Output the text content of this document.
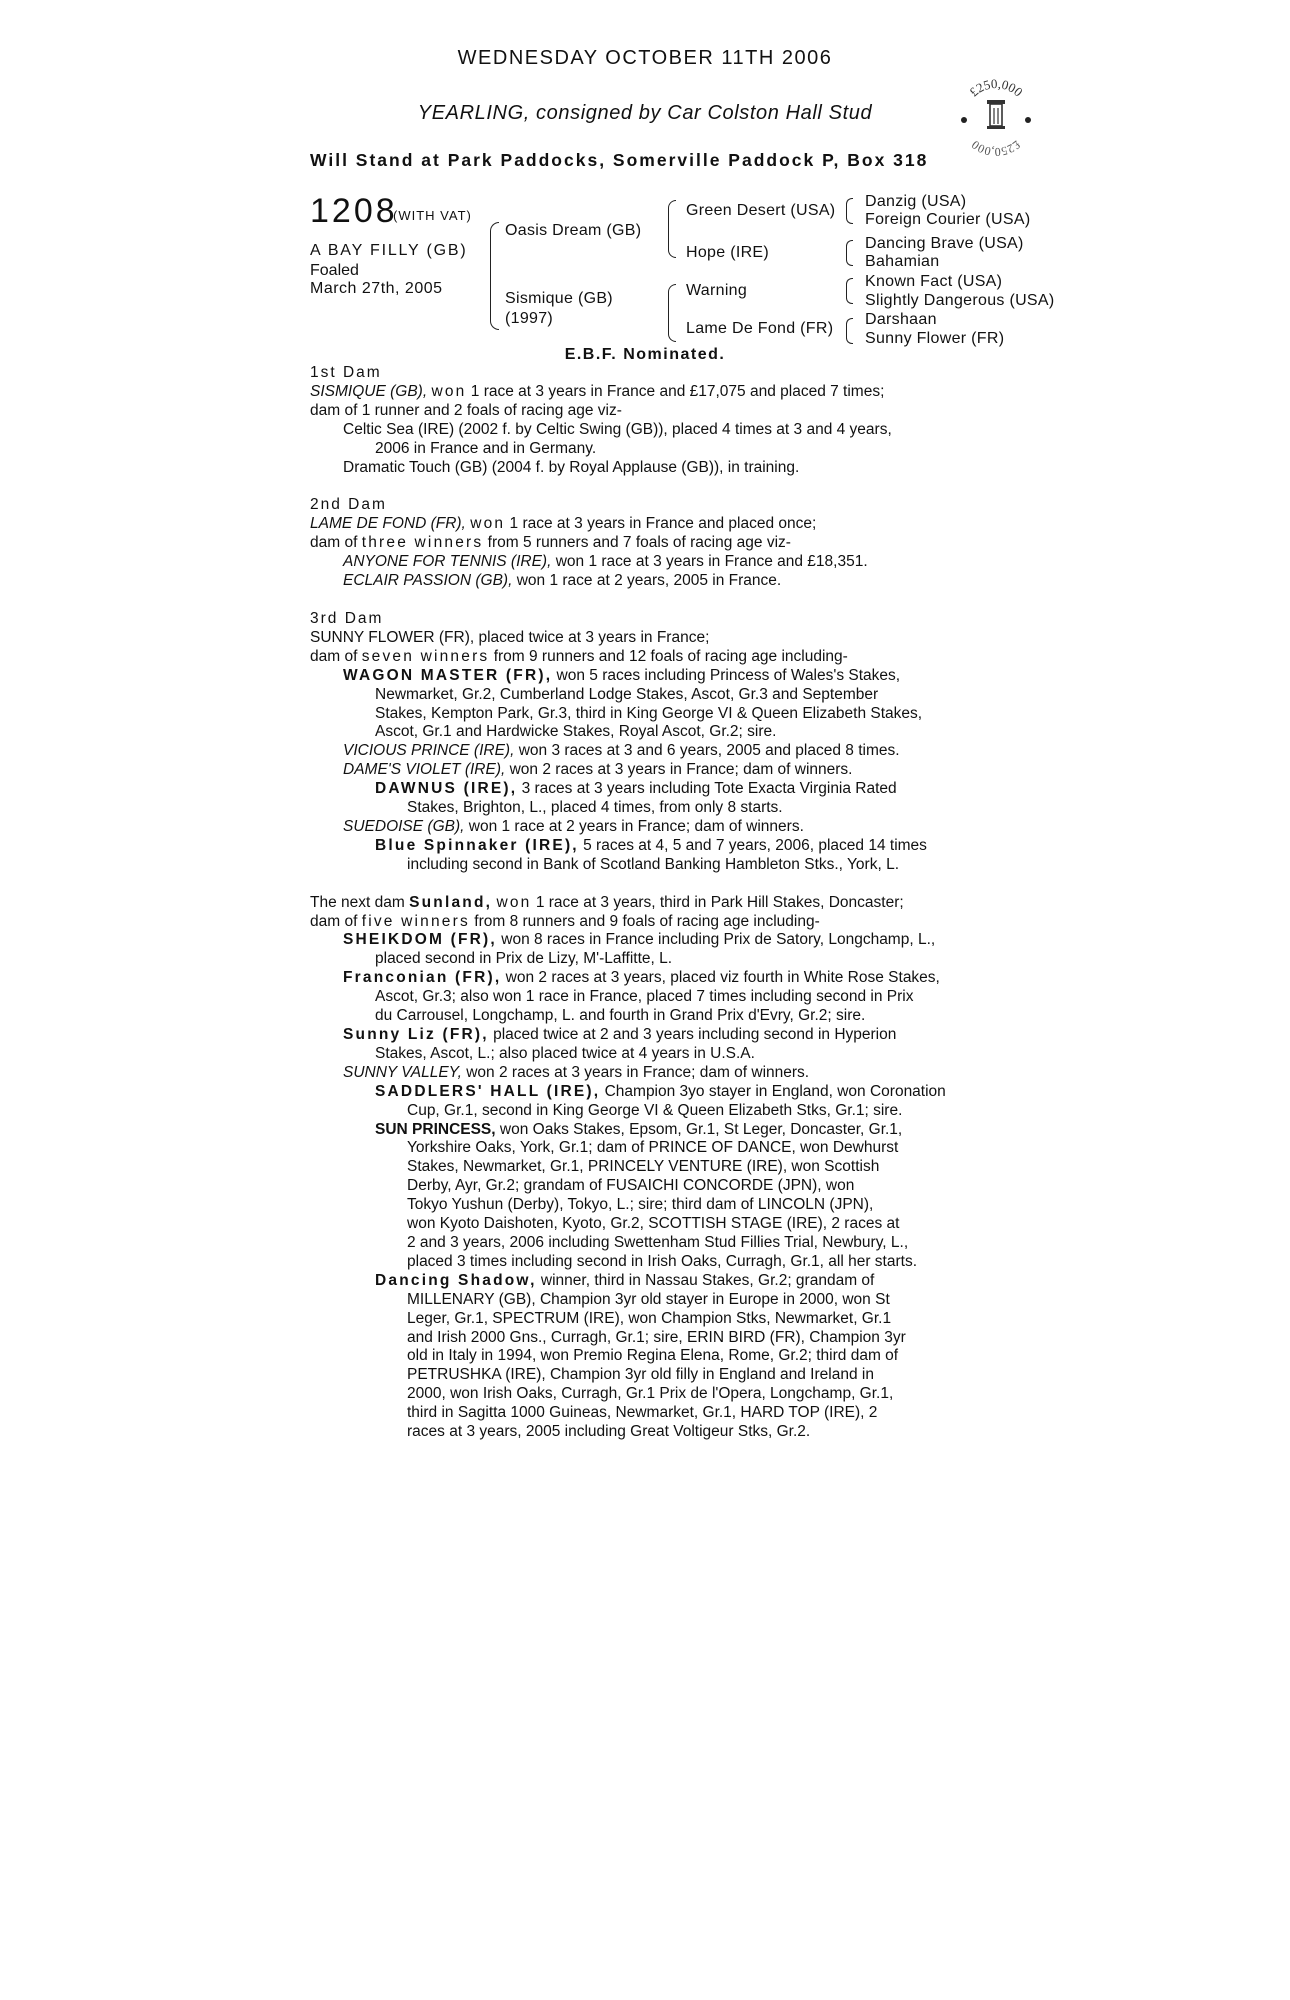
WEDNESDAY OCTOBER 11TH 2006
YEARLING, consigned by Car Colston Hall Stud
Will Stand at Park Paddocks, Somerville Paddock P, Box 318
£250,000
£250,000
1208
(WITH VAT)
A BAY FILLY (GB)
Foaled
March 27th, 2005
Oasis Dream (GB)
Sismique (GB)
(1997)
Green Desert (USA)
Hope (IRE)
Warning
Lame De Fond (FR)
Danzig (USA)
Foreign Courier (USA)
Dancing Brave (USA)
Bahamian
Known Fact (USA)
Slightly Dangerous (USA)
Darshaan
Sunny Flower (FR)
E.B.F. Nominated.

1st Dam

SISMIQUE (GB), won 1 race at 3 years in France and £17,075 and placed 7 times;

dam of 1 runner and 2 foals of racing age viz-

Celtic Sea (IRE) (2002 f. by Celtic Swing (GB)), placed 4 times at 3 and 4 years,

2006 in France and in Germany.

Dramatic Touch (GB) (2004 f. by Royal Applause (GB)), in training.

2nd Dam

LAME DE FOND (FR), won 1 race at 3 years in France and placed once;

dam of three winners from 5 runners and 7 foals of racing age viz-

ANYONE FOR TENNIS (IRE), won 1 race at 3 years in France and £18,351.

ECLAIR PASSION (GB), won 1 race at 2 years, 2005 in France.

3rd Dam

SUNNY FLOWER (FR), placed twice at 3 years in France;

dam of seven winners from 9 runners and 12 foals of racing age including-

WAGON MASTER (FR), won 5 races including Princess of Wales's Stakes,

Newmarket, Gr.2, Cumberland Lodge Stakes, Ascot, Gr.3 and September

Stakes, Kempton Park, Gr.3, third in King George VI & Queen Elizabeth Stakes,

Ascot, Gr.1 and Hardwicke Stakes, Royal Ascot, Gr.2; sire.

VICIOUS PRINCE (IRE), won 3 races at 3 and 6 years, 2005 and placed 8 times.

DAME'S VIOLET (IRE), won 2 races at 3 years in France; dam of winners.

DAWNUS (IRE), 3 races at 3 years including Tote Exacta Virginia Rated

Stakes, Brighton, L., placed 4 times, from only 8 starts.

SUEDOISE (GB), won 1 race at 2 years in France; dam of winners.

Blue Spinnaker (IRE), 5 races at 4, 5 and 7 years, 2006, placed 14 times

including second in Bank of Scotland Banking Hambleton Stks., York, L.

The next dam Sunland, won 1 race at 3 years, third in Park Hill Stakes, Doncaster;

dam of five winners from 8 runners and 9 foals of racing age including-

SHEIKDOM (FR), won 8 races in France including Prix de Satory, Longchamp, L.,

placed second in Prix de Lizy, M'-Laffitte, L.

Franconian (FR), won 2 races at 3 years, placed viz fourth in White Rose Stakes,

Ascot, Gr.3; also won 1 race in France, placed 7 times including second in Prix

du Carrousel, Longchamp, L. and fourth in Grand Prix d'Evry, Gr.2; sire.

Sunny Liz (FR), placed twice at 2 and 3 years including second in Hyperion

Stakes, Ascot, L.; also placed twice at 4 years in U.S.A.

SUNNY VALLEY, won 2 races at 3 years in France; dam of winners.

SADDLERS' HALL (IRE), Champion 3yo stayer in England, won Coronation

Cup, Gr.1, second in King George VI & Queen Elizabeth Stks, Gr.1; sire.

SUN PRINCESS, won Oaks Stakes, Epsom, Gr.1, St Leger, Doncaster, Gr.1,

Yorkshire Oaks, York, Gr.1; dam of PRINCE OF DANCE, won Dewhurst

Stakes, Newmarket, Gr.1, PRINCELY VENTURE (IRE), won Scottish

Derby, Ayr, Gr.2; grandam of FUSAICHI CONCORDE (JPN), won

Tokyo Yushun (Derby), Tokyo, L.; sire; third dam of LINCOLN (JPN),

won Kyoto Daishoten, Kyoto, Gr.2, SCOTTISH STAGE (IRE), 2 races at

2 and 3 years, 2006 including Swettenham Stud Fillies Trial, Newbury, L.,

placed 3 times including second in Irish Oaks, Curragh, Gr.1, all her starts.

Dancing Shadow, winner, third in Nassau Stakes, Gr.2; grandam of

MILLENARY (GB), Champion 3yr old stayer in Europe in 2000, won St

Leger, Gr.1, SPECTRUM (IRE), won Champion Stks, Newmarket, Gr.1

and Irish 2000 Gns., Curragh, Gr.1; sire, ERIN BIRD (FR), Champion 3yr

old in Italy in 1994, won Premio Regina Elena, Rome, Gr.2; third dam of

PETRUSHKA (IRE), Champion 3yr old filly in England and Ireland in

2000, won Irish Oaks, Curragh, Gr.1 Prix de l'Opera, Longchamp, Gr.1,

third in Sagitta 1000 Guineas, Newmarket, Gr.1, HARD TOP (IRE), 2

races at 3 years, 2005 including Great Voltigeur Stks, Gr.2.
